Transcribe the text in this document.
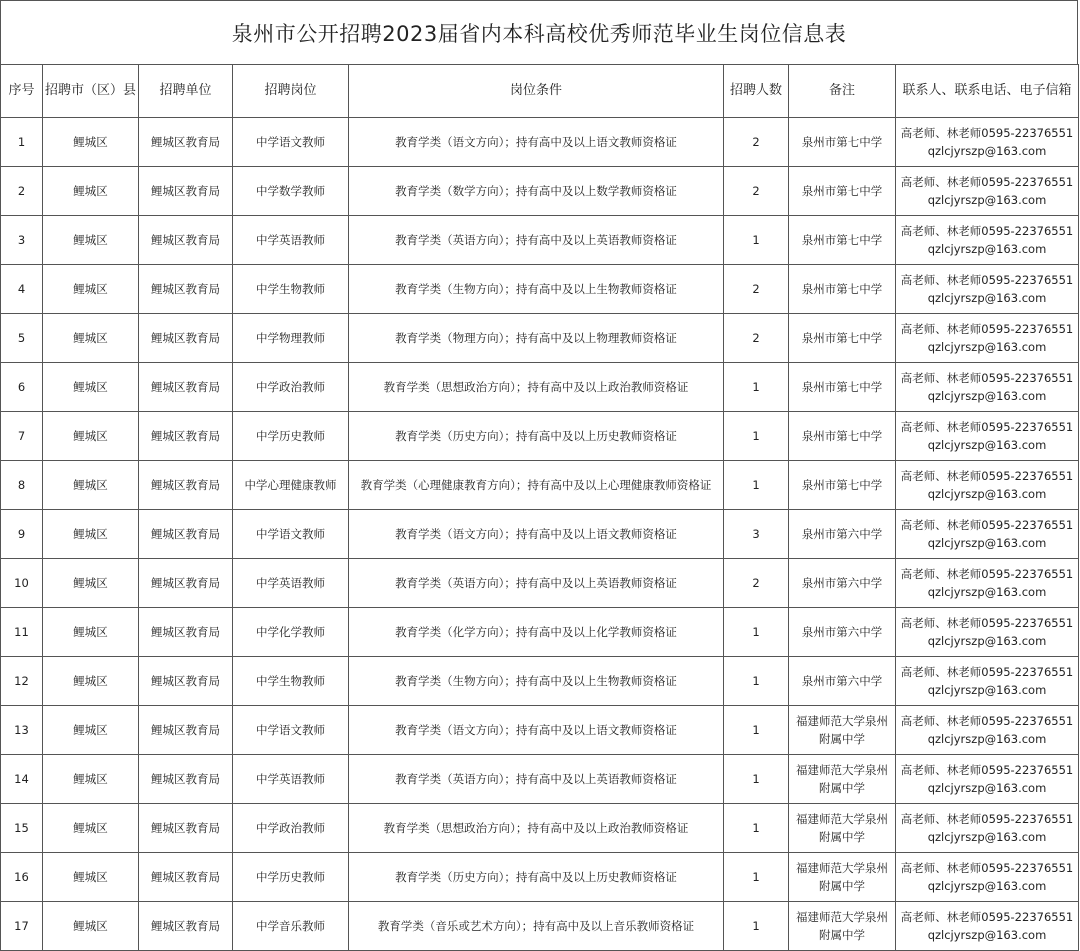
泉州市公开招聘2023届省内本科高校优秀师范毕业生岗位信息表
序号	招聘市（区）县	招聘单位	招聘岗位	岗位条件	招聘人数	备注	联系人、联系电话、电子信箱
1	鲤城区	鲤城区教育局	中学语文教师	教育学类（语文方向）；持有高中及以上语文教师资格证	2	泉州市第七中学	高老师、林老师0595-22376551
qzlcjyrszp@163.com

2	鲤城区	鲤城区教育局	中学数学教师	教育学类（数学方向）；持有高中及以上数学教师资格证	2	泉州市第七中学	高老师、林老师0595-22376551
qzlcjyrszp@163.com

3	鲤城区	鲤城区教育局	中学英语教师	教育学类（英语方向）；持有高中及以上英语教师资格证	1	泉州市第七中学	高老师、林老师0595-22376551
qzlcjyrszp@163.com

4	鲤城区	鲤城区教育局	中学生物教师	教育学类（生物方向）；持有高中及以上生物教师资格证	2	泉州市第七中学	高老师、林老师0595-22376551
qzlcjyrszp@163.com

5	鲤城区	鲤城区教育局	中学物理教师	教育学类（物理方向）；持有高中及以上物理教师资格证	2	泉州市第七中学	高老师、林老师0595-22376551
qzlcjyrszp@163.com

6	鲤城区	鲤城区教育局	中学政治教师	教育学类（思想政治方向）；持有高中及以上政治教师资格证	1	泉州市第七中学	高老师、林老师0595-22376551
qzlcjyrszp@163.com

7	鲤城区	鲤城区教育局	中学历史教师	教育学类（历史方向）；持有高中及以上历史教师资格证	1	泉州市第七中学	高老师、林老师0595-22376551
qzlcjyrszp@163.com

8	鲤城区	鲤城区教育局	中学心理健康教师	教育学类（心理健康教育方向）；持有高中及以上心理健康教师资格证	1	泉州市第七中学	高老师、林老师0595-22376551
qzlcjyrszp@163.com

9	鲤城区	鲤城区教育局	中学语文教师	教育学类（语文方向）；持有高中及以上语文教师资格证	3	泉州市第六中学	高老师、林老师0595-22376551
qzlcjyrszp@163.com

10	鲤城区	鲤城区教育局	中学英语教师	教育学类（英语方向）；持有高中及以上英语教师资格证	2	泉州市第六中学	高老师、林老师0595-22376551
qzlcjyrszp@163.com

11	鲤城区	鲤城区教育局	中学化学教师	教育学类（化学方向）；持有高中及以上化学教师资格证	1	泉州市第六中学	高老师、林老师0595-22376551
qzlcjyrszp@163.com

12	鲤城区	鲤城区教育局	中学生物教师	教育学类（生物方向）；持有高中及以上生物教师资格证	1	泉州市第六中学	高老师、林老师0595-22376551
qzlcjyrszp@163.com

13	鲤城区	鲤城区教育局	中学语文教师	教育学类（语文方向）；持有高中及以上语文教师资格证	1	福建师范大学泉州附属中学	高老师、林老师0595-22376551
qzlcjyrszp@163.com

14	鲤城区	鲤城区教育局	中学英语教师	教育学类（英语方向）；持有高中及以上英语教师资格证	1	福建师范大学泉州附属中学	高老师、林老师0595-22376551
qzlcjyrszp@163.com

15	鲤城区	鲤城区教育局	中学政治教师	教育学类（思想政治方向）；持有高中及以上政治教师资格证	1	福建师范大学泉州附属中学	高老师、林老师0595-22376551
qzlcjyrszp@163.com

16	鲤城区	鲤城区教育局	中学历史教师	教育学类（历史方向）；持有高中及以上历史教师资格证	1	福建师范大学泉州附属中学	高老师、林老师0595-22376551
qzlcjyrszp@163.com

17	鲤城区	鲤城区教育局	中学音乐教师	教育学类（音乐或艺术方向）；持有高中及以上音乐教师资格证	1	福建师范大学泉州附属中学	高老师、林老师0595-22376551
qzlcjyrszp@163.com
